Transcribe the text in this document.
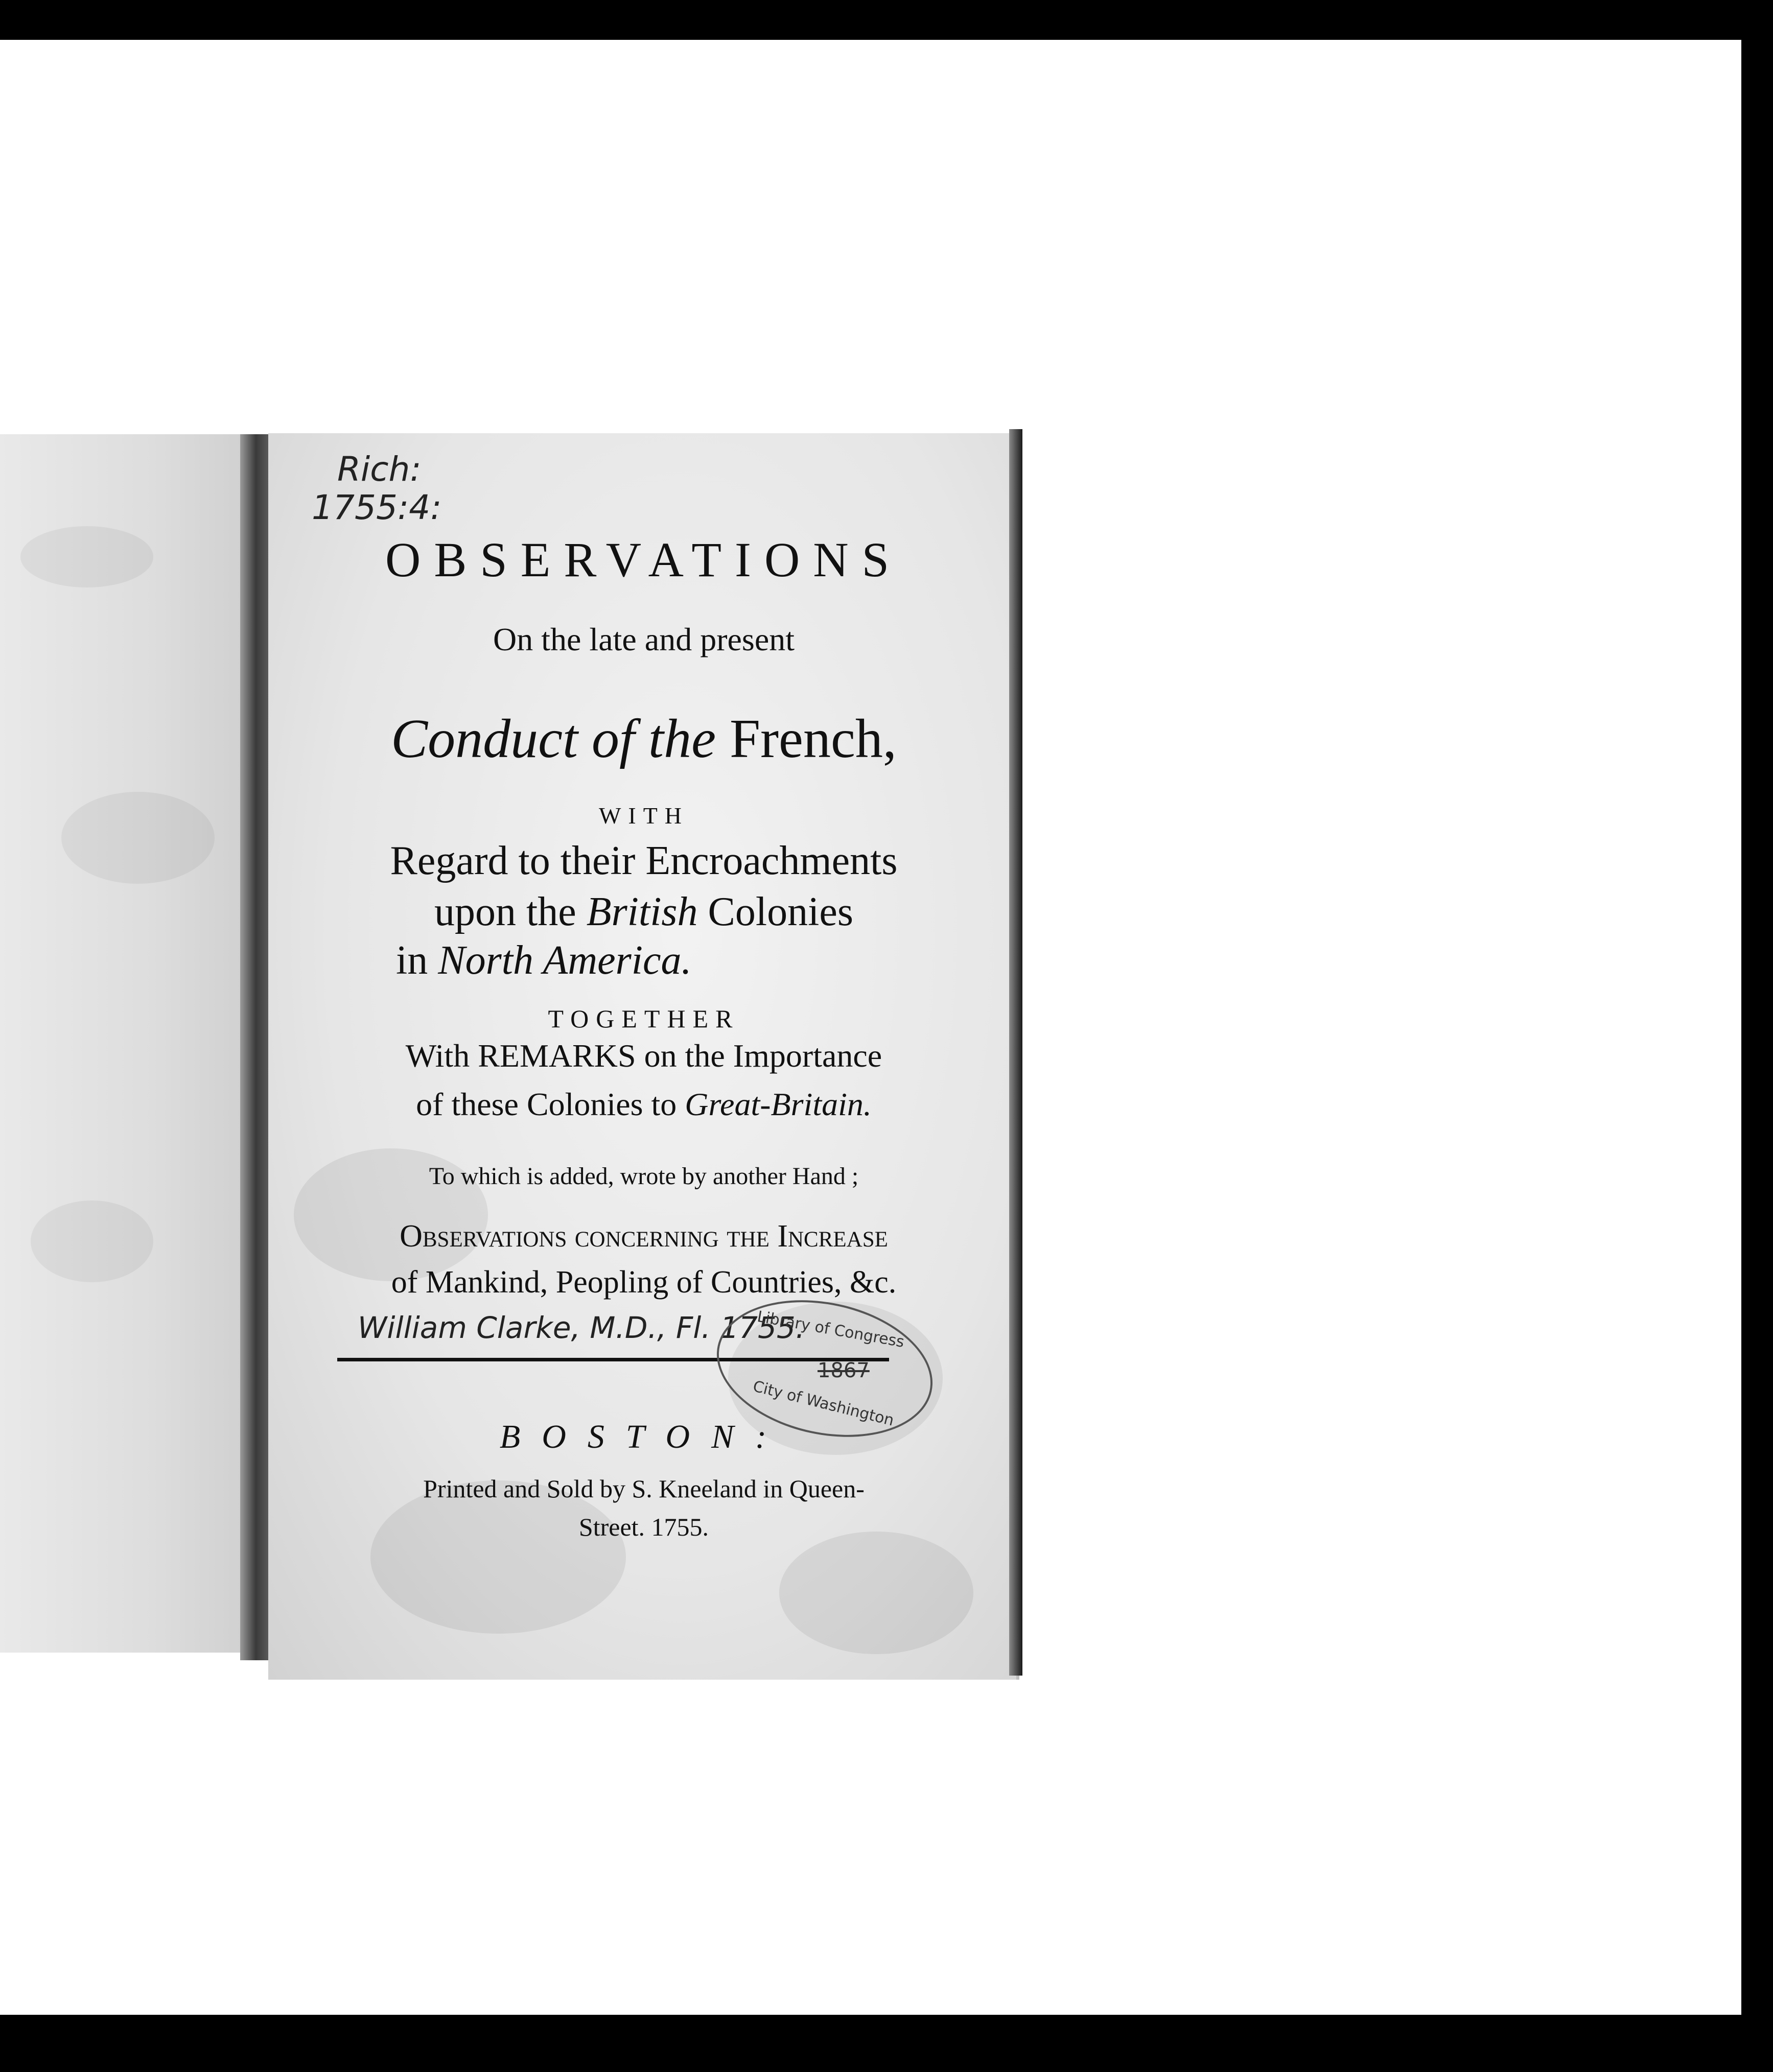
Rich:
1755:4:
OBSERVATIONS
On the late and present
Conduct of the French,
WITH
Regard to their Encroachments
upon the British Colonies
in North America.
TOGETHER
With REMARKS on the Importance
of these Colonies to Great-Britain.
To which is added, wrote by another Hand ;
Observations concerning the Increase
of Mankind, Peopling of Countries, &c.
William Clarke, M.D., Fl. 1755.
Library of Congress
1867
City of Washington
BOSTON:
Printed and Sold by S. Kneeland in Queen-
Street. 1755.
